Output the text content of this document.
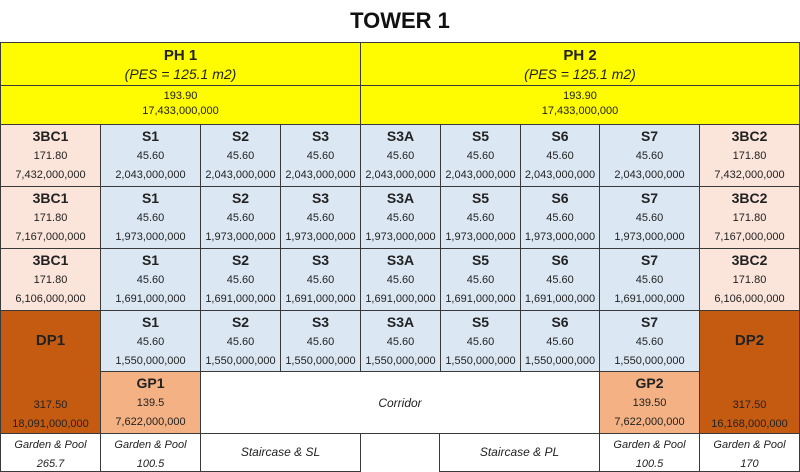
TOWER 1
PH 1
(PES = 125.1 m2)
PH 2
(PES = 125.1 m2)
193.90
17,433,000,000
193.90
17,433,000,000
3BC1
171.80
7,432,000,000
S1
45.60
2,043,000,000
S2
45.60
2,043,000,000
S3
45.60
2,043,000,000
S3A
45.60
2,043,000,000
S5
45.60
2,043,000,000
S6
45.60
2,043,000,000
S7
45.60
2,043,000,000
3BC2
171.80
7,432,000,000
3BC1
171.80
7,167,000,000
S1
45.60
1,973,000,000
S2
45.60
1,973,000,000
S3
45.60
1,973,000,000
S3A
45.60
1,973,000,000
S5
45.60
1,973,000,000
S6
45.60
1,973,000,000
S7
45.60
1,973,000,000
3BC2
171.80
7,167,000,000
3BC1
171.80
6,106,000,000
S1
45.60
1,691,000,000
S2
45.60
1,691,000,000
S3
45.60
1,691,000,000
S3A
45.60
1,691,000,000
S5
45.60
1,691,000,000
S6
45.60
1,691,000,000
S7
45.60
1,691,000,000
3BC2
171.80
6,106,000,000
S1
45.60
1,550,000,000
S2
45.60
1,550,000,000
S3
45.60
1,550,000,000
S3A
45.60
1,550,000,000
S5
45.60
1,550,000,000
S6
45.60
1,550,000,000
S7
45.60
1,550,000,000
DP1
317.50
18,091,000,000
DP2
317.50
16,168,000,000
GP1
139.5
7,622,000,000
Corridor
GP2
139.50
7,622,000,000
Garden & Pool
265.7
Garden & Pool
100.5
Staircase & SL	Staircase & PL	Garden & Pool
100.5
Garden & Pool
170
